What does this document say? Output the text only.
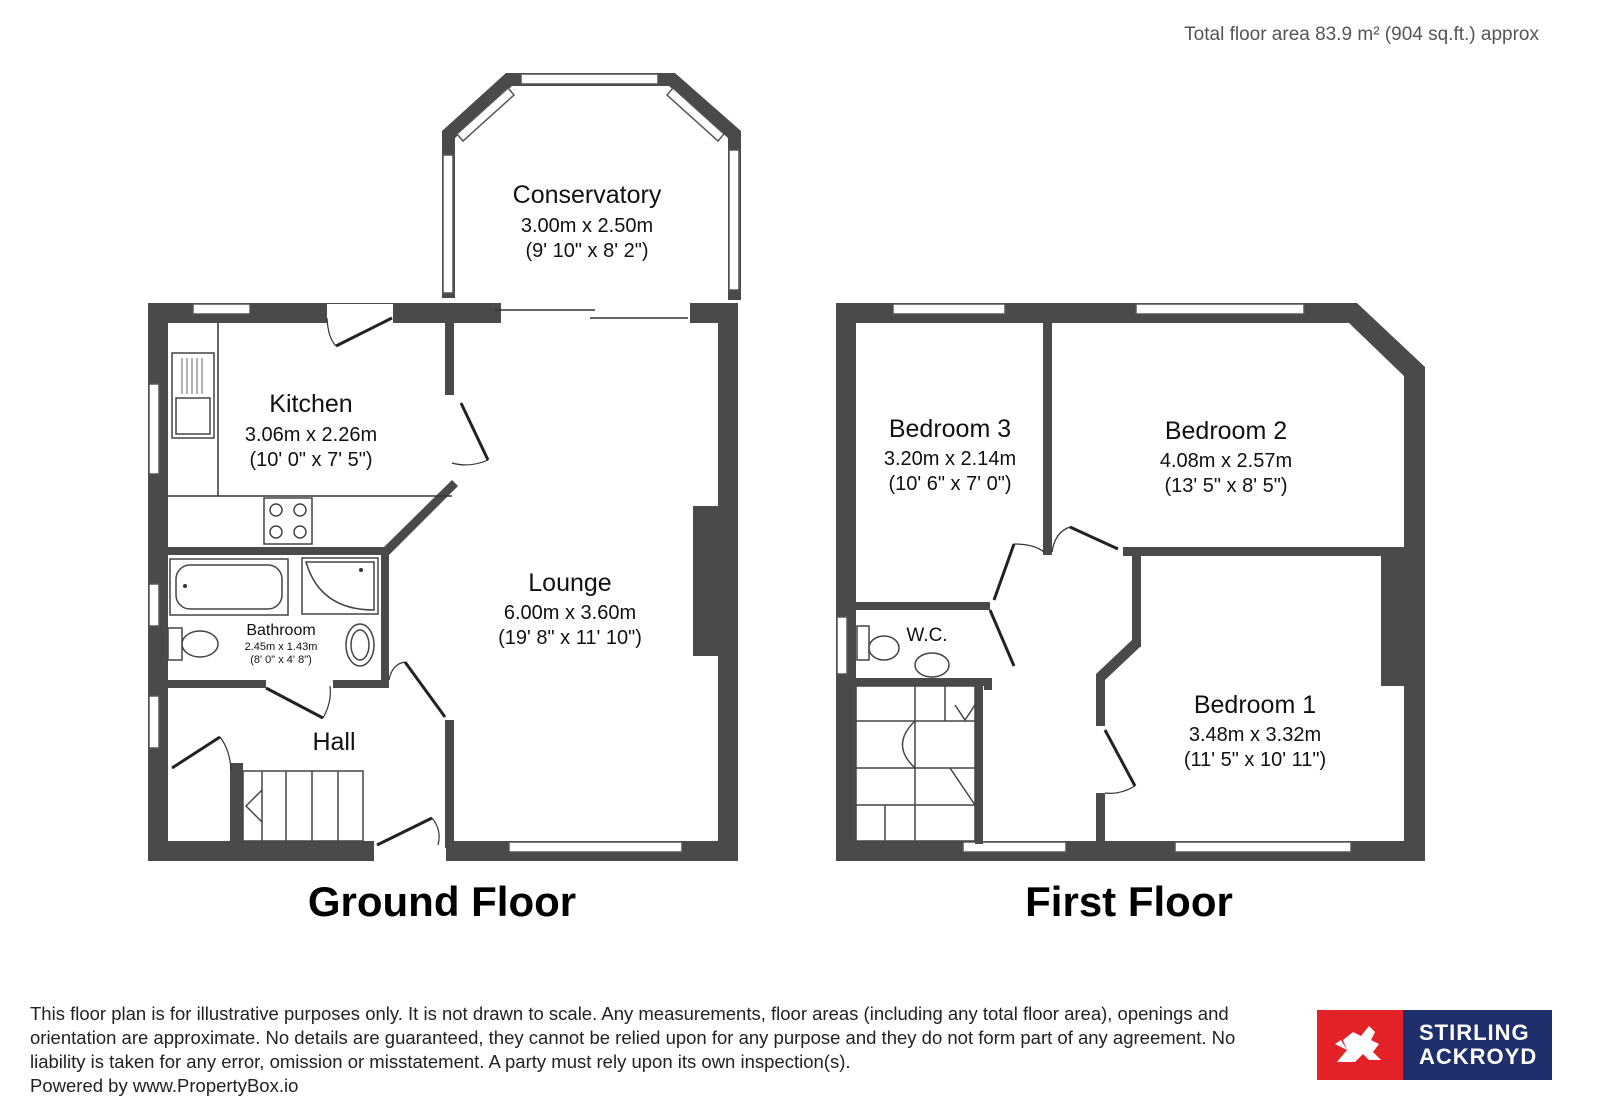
Total floor area 83.9 m² (904 sq.ft.) approx
Conservatory
3.00m x 2.50m
(9' 10" x 8' 2")
Kitchen
3.06m x 2.26m
(10' 0" x 7' 5")
Lounge
6.00m x 3.60m
(19' 8" x 11' 10")
Bathroom
2.45m x 1.43m
(8' 0" x 4' 8")
Hall
Ground Floor
Bedroom 3
3.20m x 2.14m
(10' 6" x 7' 0")
Bedroom 2
4.08m x 2.57m
(13' 5" x 8' 5")
Bedroom 1
3.48m x 3.32m
(11' 5" x 10' 11")
W.C.
First Floor
This floor plan is for illustrative purposes only. It is not drawn to scale. Any measurements, floor areas (including any total floor area), openings and orientation are approximate. No details are guaranteed, they cannot be relied upon for any purpose and they do not form part of any agreement. No liability is taken for any error, omission or misstatement. A party must rely upon its own inspection(s).
Powered by www.PropertyBox.io
STIRLING
ACKROYD
